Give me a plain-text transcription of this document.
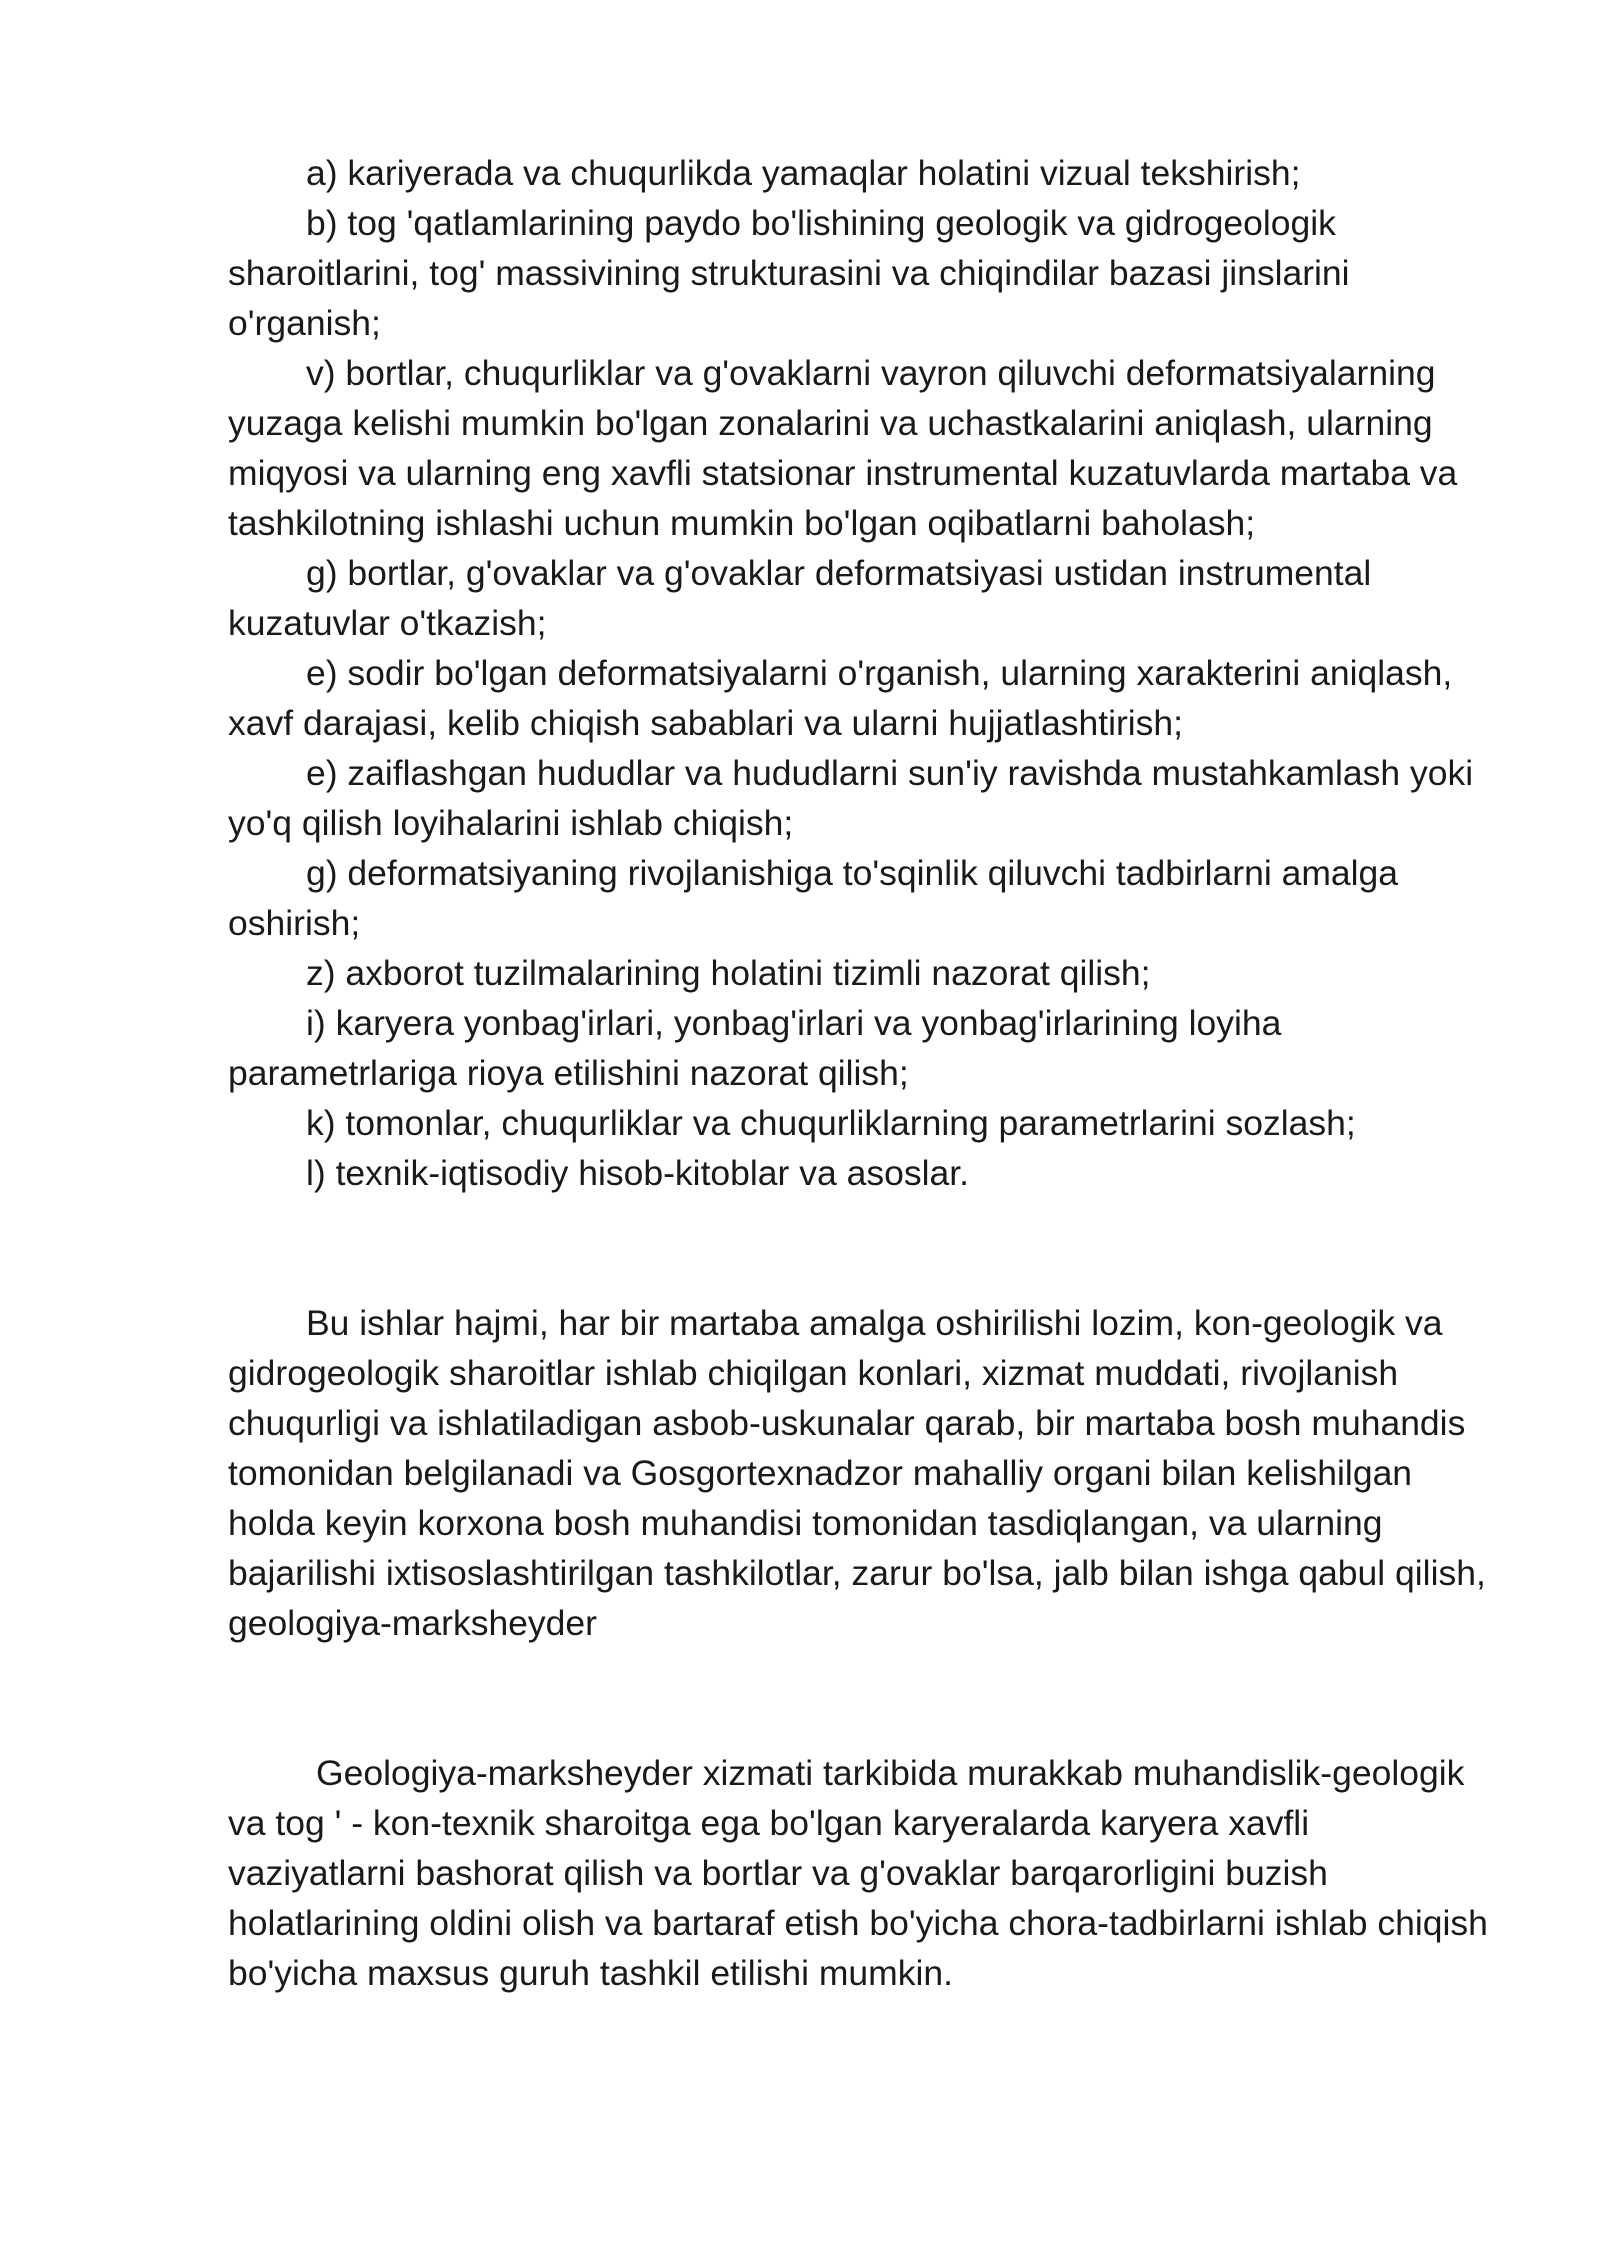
a) kariyerada va chuqurlikda yamaqlar holatini vizual tekshirish;

b) tog 'qatlamlarining paydo bo'lishining geologik va gidrogeologik sharoitlarini, tog' massivining strukturasini va chiqindilar bazasi jinslarini o'rganish;

v) bortlar, chuqurliklar va g'ovaklarni vayron qiluvchi deformatsiyalarning yuzaga kelishi mumkin bo'lgan zonalarini va uchastkalarini aniqlash, ularning miqyosi va ularning eng xavfli statsionar instrumental kuzatuvlarda martaba va tashkilotning ishlashi uchun mumkin bo'lgan oqibatlarni baholash;

g) bortlar, g'ovaklar va g'ovaklar deformatsiyasi ustidan instrumental kuzatuvlar o'tkazish;

e) sodir bo'lgan deformatsiyalarni o'rganish, ularning xarakterini aniqlash, xavf darajasi, kelib chiqish sabablari va ularni hujjatlashtirish;

e) zaiflashgan hududlar va hududlarni sun'iy ravishda mustahkamlash yoki yo'q qilish loyihalarini ishlab chiqish;

g) deformatsiyaning rivojlanishiga to'sqinlik qiluvchi tadbirlarni amalga oshirish;

z) axborot tuzilmalarining holatini tizimli nazorat qilish;

i) karyera yonbag'irlari, yonbag'irlari va yonbag'irlarining loyiha parametrlariga rioya etilishini nazorat qilish;

k) tomonlar, chuqurliklar va chuqurliklarning parametrlarini sozlash;

l) texnik-iqtisodiy hisob-kitoblar va asoslar.

Bu ishlar hajmi, har bir martaba amalga oshirilishi lozim, kon-geologik va gidrogeologik sharoitlar ishlab chiqilgan konlari, xizmat muddati, rivojlanish chuqurligi va ishlatiladigan asbob-uskunalar qarab, bir martaba bosh muhandis tomonidan belgilanadi va Gosgortexnadzor mahalliy organi bilan kelishilgan holda keyin korxona bosh muhandisi tomonidan tasdiqlangan, va ularning bajarilishi ixtisoslashtirilgan tashkilotlar, zarur bo'lsa, jalb bilan ishga qabul qilish, geologiya-marksheyder

Geologiya-marksheyder xizmati tarkibida murakkab muhandislik-geologik va tog ' - kon-texnik sharoitga ega bo'lgan karyeralarda karyera xavfli vaziyatlarni bashorat qilish va bortlar va g'ovaklar barqarorligini buzish holatlarining oldini olish va bartaraf etish bo'yicha chora-tadbirlarni ishlab chiqish bo'yicha maxsus guruh tashkil etilishi mumkin.
